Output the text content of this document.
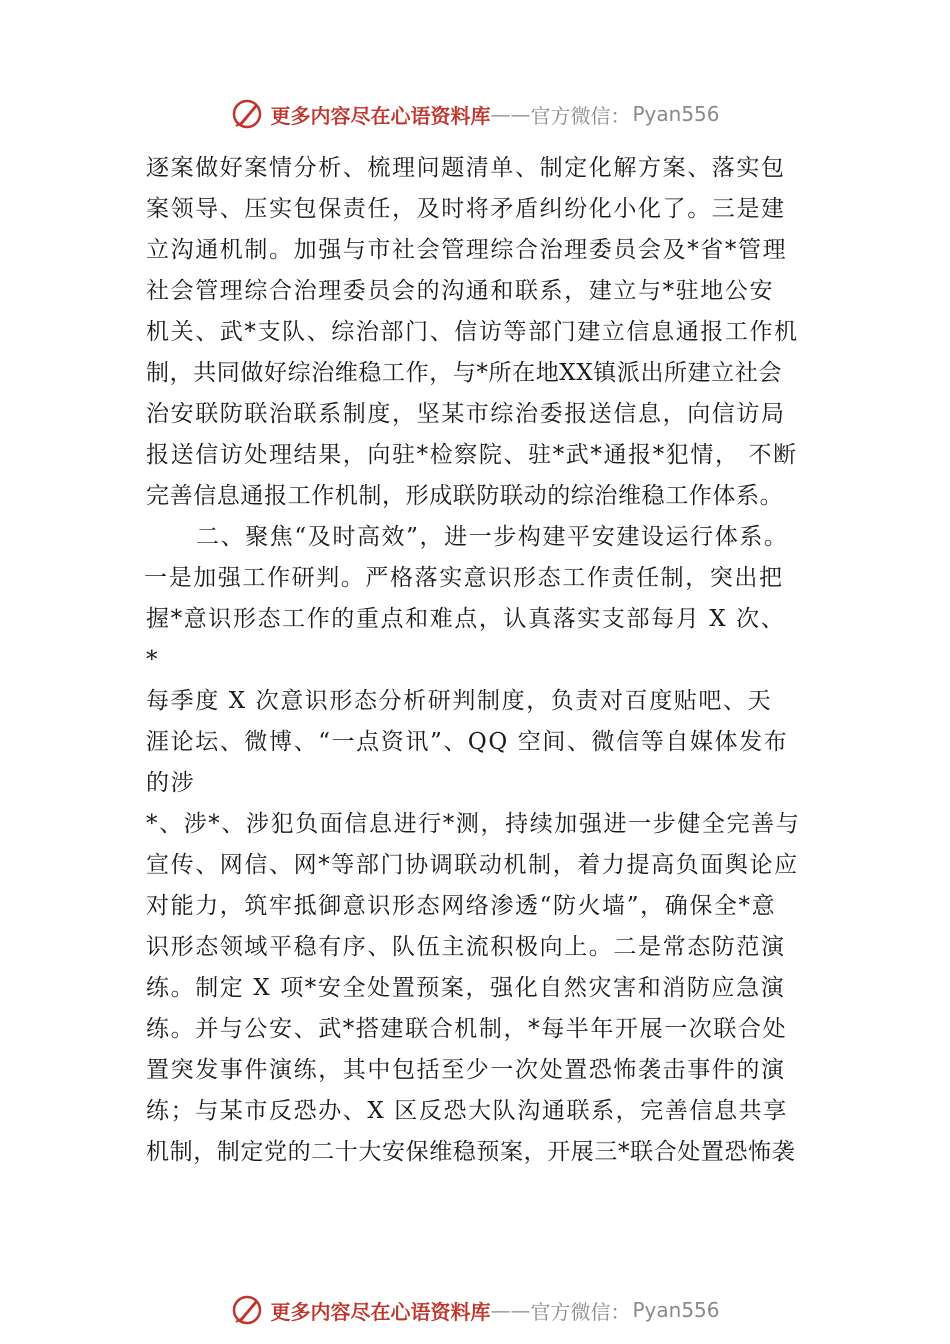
更多内容尽在心语资料库 —— 官方微信： Pyan556
逐案做好案情分析、梳理问题清单、制定化解方案、落实包
案领导、压实包保责任，及时将矛盾纠纷化小化了。三是建
立沟通机制。加强与市社会管理综合治理委员会及*省*管理
社会管理综合治理委员会的沟通和联系，建立与*驻地公安
机关、武*支队、综治部门、信访等部门建立信息通报工作机
制，共同做好综治维稳工作，与*所在地XX镇派出所建立社会
治安联防联治联系制度，坚某市综治委报送信息，向信访局
报送信访处理结果，向驻*检察院、驻*武*通报*犯情， 不断
完善信息通报工作机制，形成联防联动的综治维稳工作体系。
二、聚焦“及时高效”，进一步构建平安建设运行体系。
一是加强工作研判。严格落实意识形态工作责任制，突出把
握*意识形态工作的重点和难点，认真落实支部每月 X 次、
*
每季度 X 次意识形态分析研判制度，负责对百度贴吧、天
涯论坛、微博、“一点资讯”、QQ 空间、微信等自媒体发布
的涉
*、涉*、涉犯负面信息进行*测，持续加强进一步健全完善与
宣传、网信、网*等部门协调联动机制，着力提高负面舆论应
对能力，筑牢抵御意识形态网络渗透“防火墙”，确保全*意
识形态领域平稳有序、队伍主流积极向上。二是常态防范演
练。制定 X 项*安全处置预案，强化自然灾害和消防应急演
练。并与公安、武*搭建联合机制，*每半年开展一次联合处
置突发事件演练，其中包括至少一次处置恐怖袭击事件的演
练；与某市反恐办、X 区反恐大队沟通联系，完善信息共享
机制，制定党的二十大安保维稳预案，开展三*联合处置恐怖袭
更多内容尽在心语资料库 —— 官方微信： Pyan556
